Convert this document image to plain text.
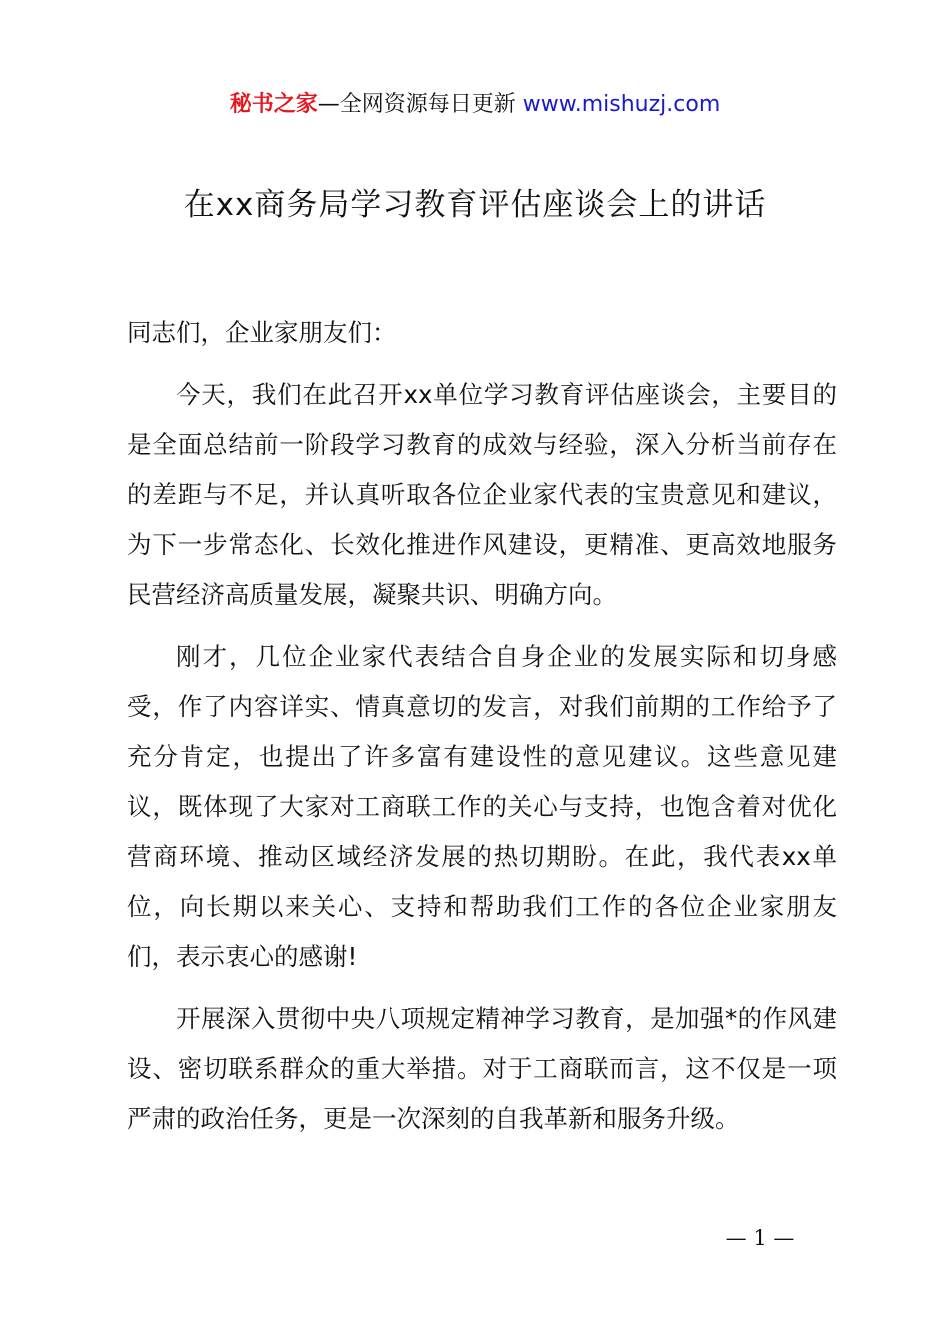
秘书之家—全网资源每日更新 www.mishuzj.com
在xx商务局学习教育评估座谈会上的讲话

同志们，企业家朋友们：

今天，我们在此召开xx单位学习教育评估座谈会，主要目的是全面总结前一阶段学习教育的成效与经验，深入分析当前存在的差距与不足，并认真听取各位企业家代表的宝贵意见和建议，为下一步常态化、长效化推进作风建设，更精准、更高效地服务民营经济高质量发展，凝聚共识、明确方向。

刚才，几位企业家代表结合自身企业的发展实际和切身感受，作了内容详实、情真意切的发言，对我们前期的工作给予了充分肯定，也提出了许多富有建设性的意见建议。这些意见建议，既体现了大家对工商联工作的关心与支持，也饱含着对优化营商环境、推动区域经济发展的热切期盼。在此，我代表xx单位，向长期以来关心、支持和帮助我们工作的各位企业家朋友们，表示衷心的感谢!

开展深入贯彻中央八项规定精神学习教育，是加强*的作风建设、密切联系群众的重大举措。对于工商联而言，这不仅是一项严肃的政治任务，更是一次深刻的自我革新和服务升级。

— 1 —
